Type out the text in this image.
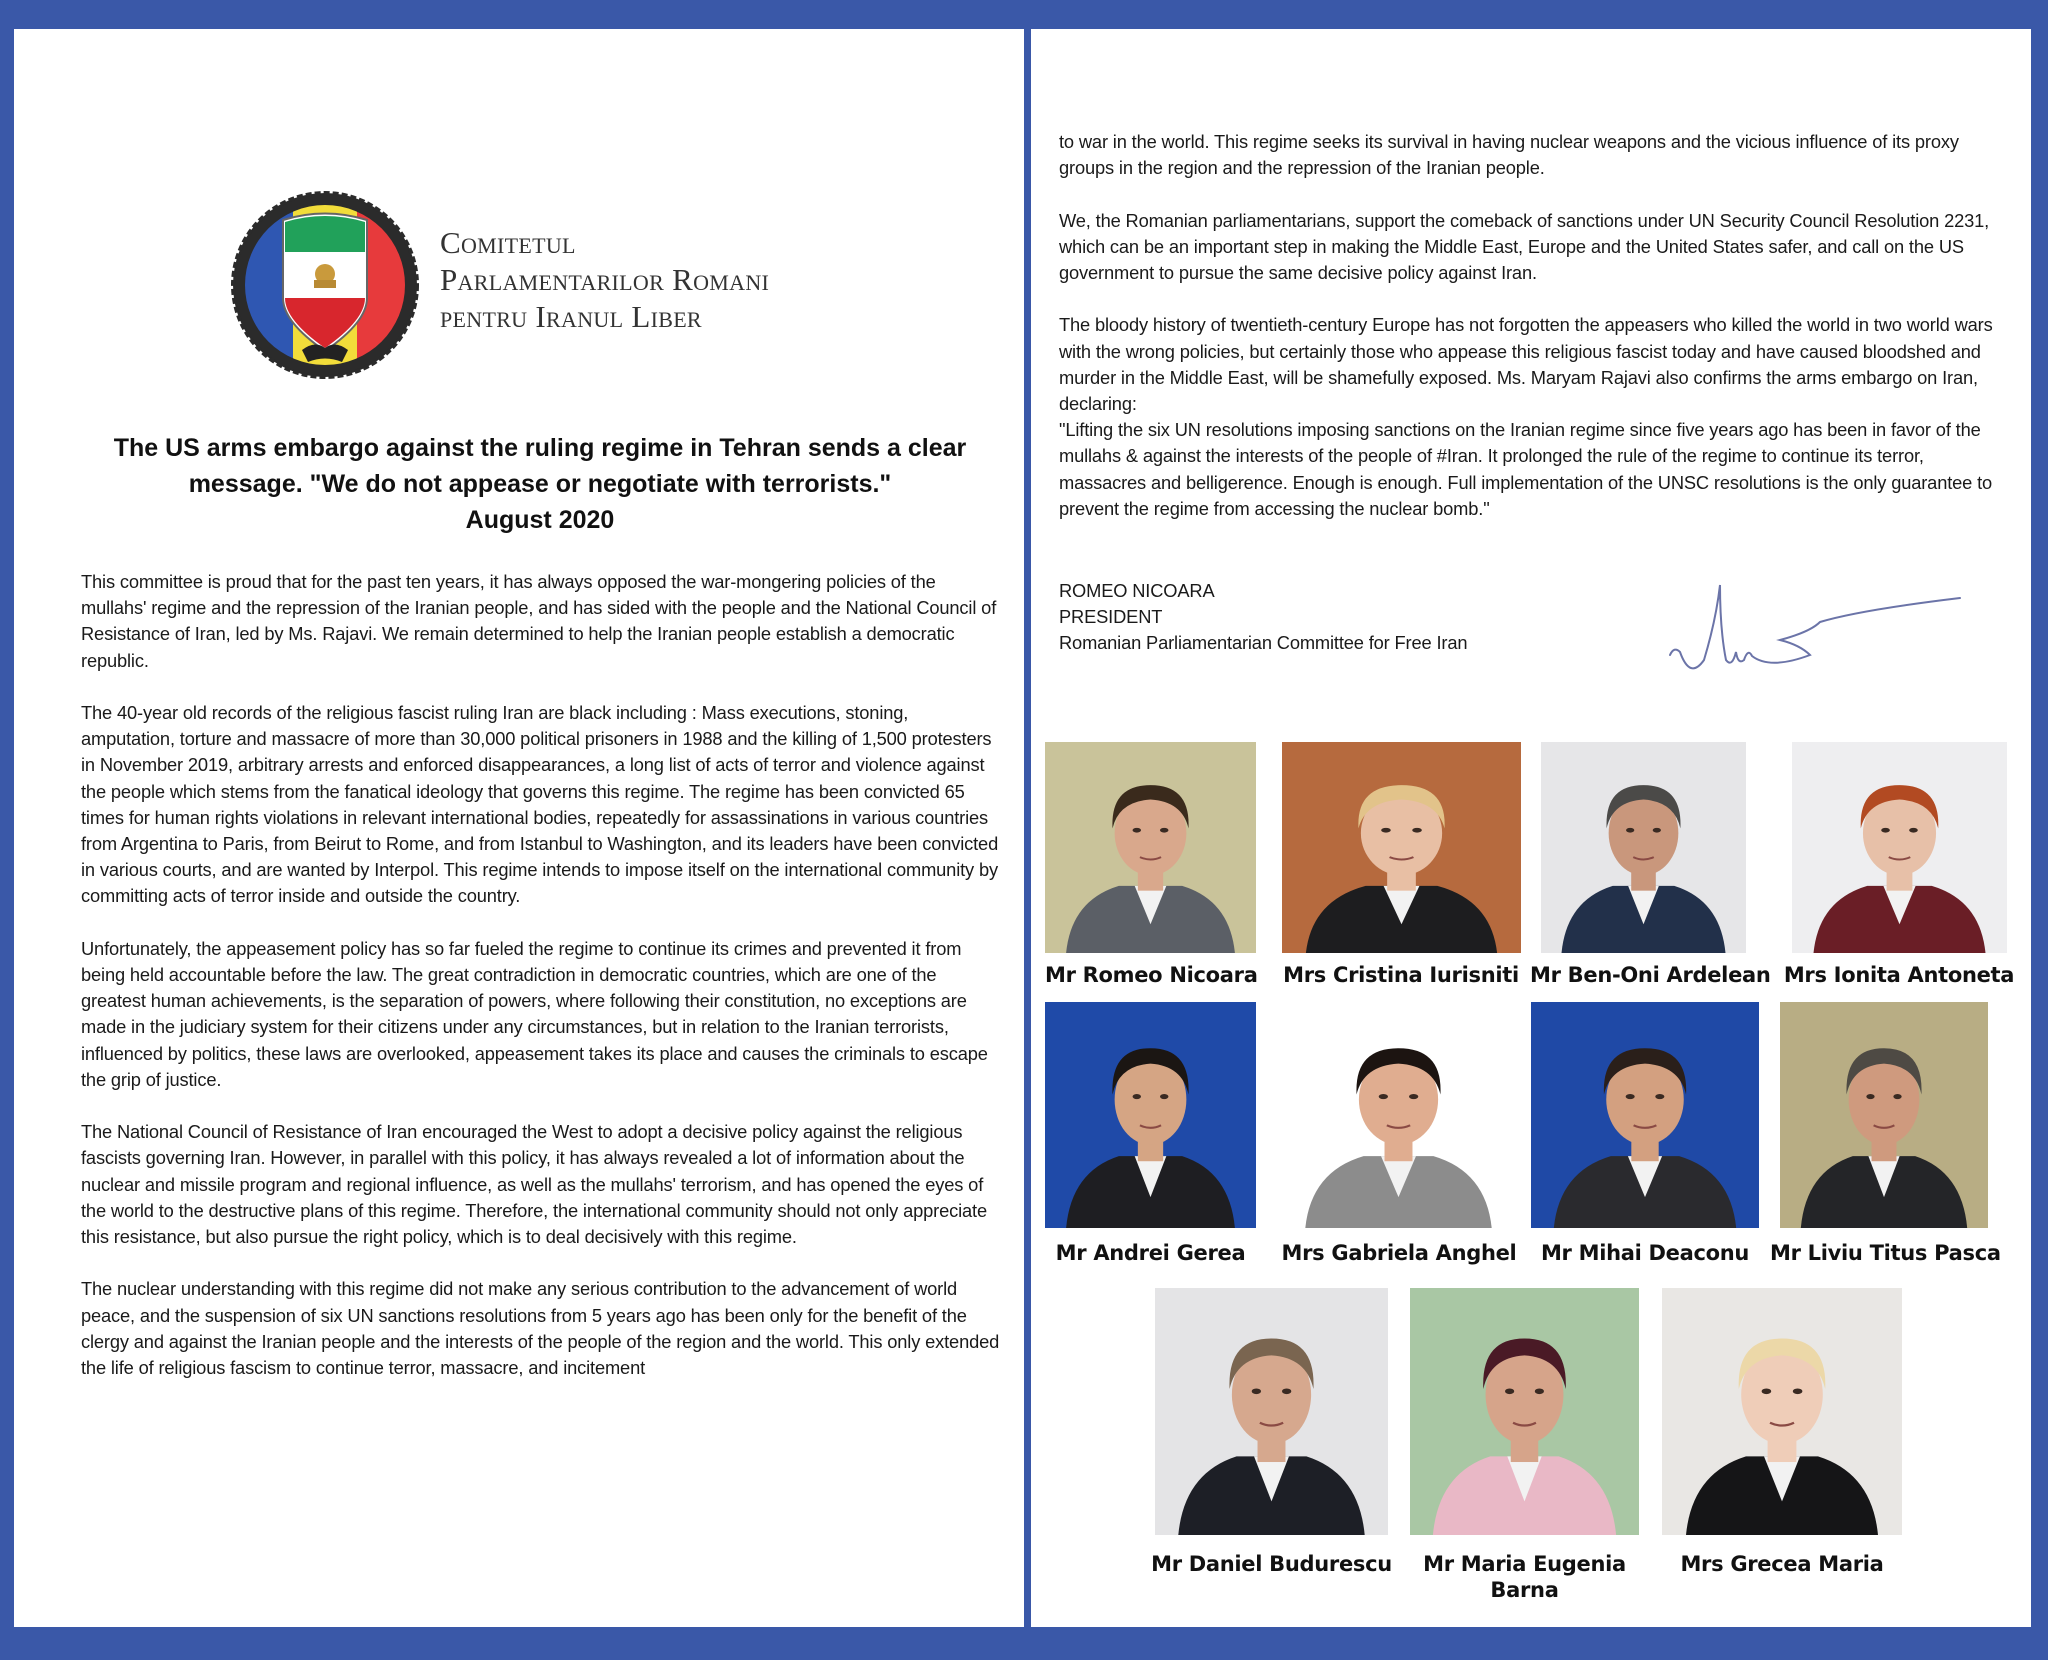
Comitetul
Parlamentarilor Romani
pentru Iranul Liber
The US arms embargo against the ruling regime in Tehran sends a clear
message. "We do not appease or negotiate with terrorists."
August 2020

This committee is proud that for the past ten years, it has always opposed the war-mongering policies of the mullahs' regime and the repression of the Iranian people, and has sided with the people and the National Council of Resistance of Iran, led by Ms. Rajavi. We remain determined to help the Iranian people establish a democratic republic.

The 40-year old records of the religious fascist ruling Iran are black including : Mass executions, stoning, amputation, torture and massacre of more than 30,000 political prisoners in 1988 and the killing of 1,500 protesters in November 2019, arbitrary arrests and enforced disappearances, a long list of acts of terror and violence against the people which stems from the fanatical ideology that governs this regime. The regime has been convicted 65 times for human rights violations in relevant international bodies, repeatedly for assassinations in various countries from Argentina to Paris, from Beirut to Rome, and from Istanbul to Washington, and its leaders have been convicted in various courts, and are wanted by Interpol. This regime intends to impose itself on the international community by committing acts of terror inside and outside the country.

Unfortunately, the appeasement policy has so far fueled the regime to continue its crimes and prevented it from being held accountable before the law. The great contradiction in democratic countries, which are one of the greatest human achievements, is the separation of powers, where following their constitution, no exceptions are made in the judiciary system for their citizens under any circumstances, but in relation to the Iranian terrorists, influenced by politics, these laws are overlooked, appeasement takes its place and causes the criminals to escape the grip of justice.

The National Council of Resistance of Iran encouraged the West to adopt a decisive policy against the religious fascists governing Iran. However, in parallel with this policy, it has always revealed a lot of information about the nuclear and missile program and regional influence, as well as the mullahs' terrorism, and has opened the eyes of the world to the destructive plans of this regime. Therefore, the international community should not only appreciate this resistance, but also pursue the right policy, which is to deal decisively with this regime.

The nuclear understanding with this regime did not make any serious contribution to the advancement of world peace, and the suspension of six UN sanctions resolutions from 5 years ago has been only for the benefit of the clergy and against the Iranian people and the interests of the people of the region and the world. This only extended the life of religious fascism to continue terror, massacre, and incitement

to war in the world. This regime seeks its survival in having nuclear weapons and the vicious influence of its proxy groups in the region and the repression of the Iranian people.

We, the Romanian parliamentarians, support the comeback of sanctions under UN Security Council Resolution 2231, which can be an important step in making the Middle East, Europe and the United States safer, and call on the US government to pursue the same decisive policy against Iran.

The bloody history of twentieth-century Europe has not forgotten the appeasers who killed the world in two world wars with the wrong policies, but certainly those who appease this religious fascist today and have caused bloodshed and murder in the Middle East, will be shamefully exposed. Ms. Maryam Rajavi also confirms the arms embargo on Iran, declaring:

"Lifting the six UN resolutions imposing sanctions on the Iranian regime since five years ago has been in favor of the mullahs & against the interests of the people of #Iran. It prolonged the rule of the regime to continue its terror, massacres and belligerence. Enough is enough. Full implementation of the UNSC resolutions is the only guarantee to prevent the regime from accessing the nuclear bomb."

ROMEO NICOARA
PRESIDENT
Romanian Parliamentarian Committee for Free Iran
Mr Romeo Nicoara	Mrs Cristina Iurisniti Mr Ben-Oni Ardelean Mrs Ionita Antoneta
Mr Andrei Gerea	Mrs Gabriela Anghel	Mr Mihai Deaconu Mr Liviu Titus Pasca
Mr Daniel Budurescu	Mr Maria Eugenia
Barna
Mrs Grecea Maria
